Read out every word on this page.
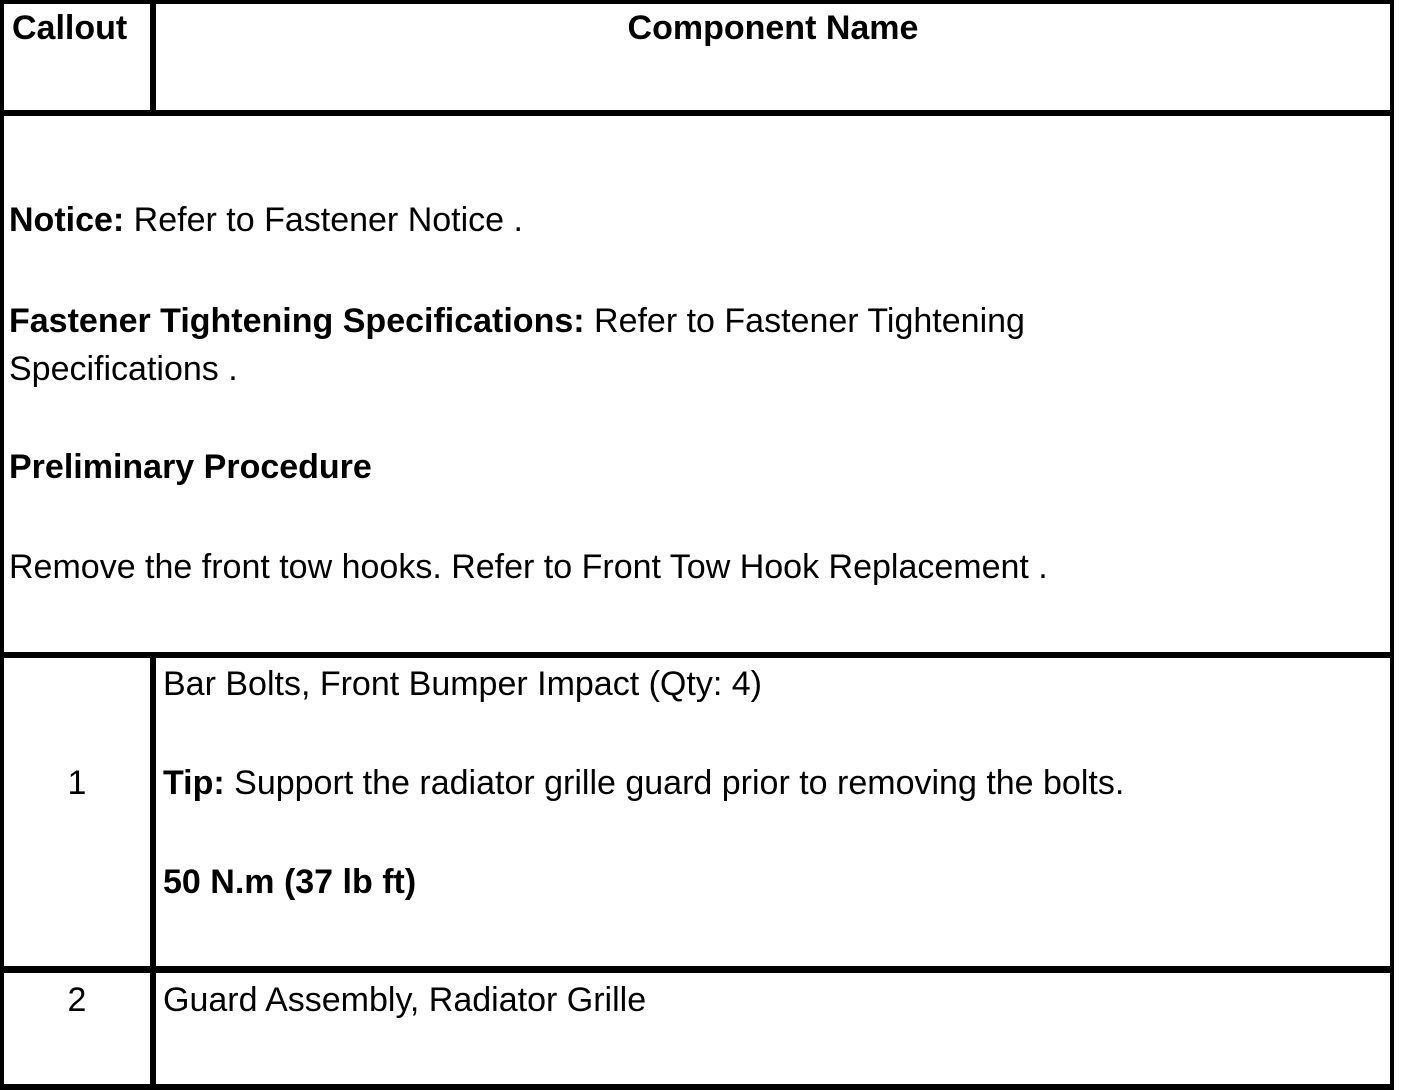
Callout	Component Name
Notice: Refer to Fastener Notice .
Fastener Tightening Specifications: Refer to Fastener Tightening
Specifications .
Preliminary Procedure
Remove the front tow hooks. Refer to Front Tow Hook Replacement .
1
Bar Bolts, Front Bumper Impact (Qty: 4)
Tip: Support the radiator grille guard prior to removing the bolts.
50 N.m (37 lb ft)
2	Guard Assembly, Radiator Grille
